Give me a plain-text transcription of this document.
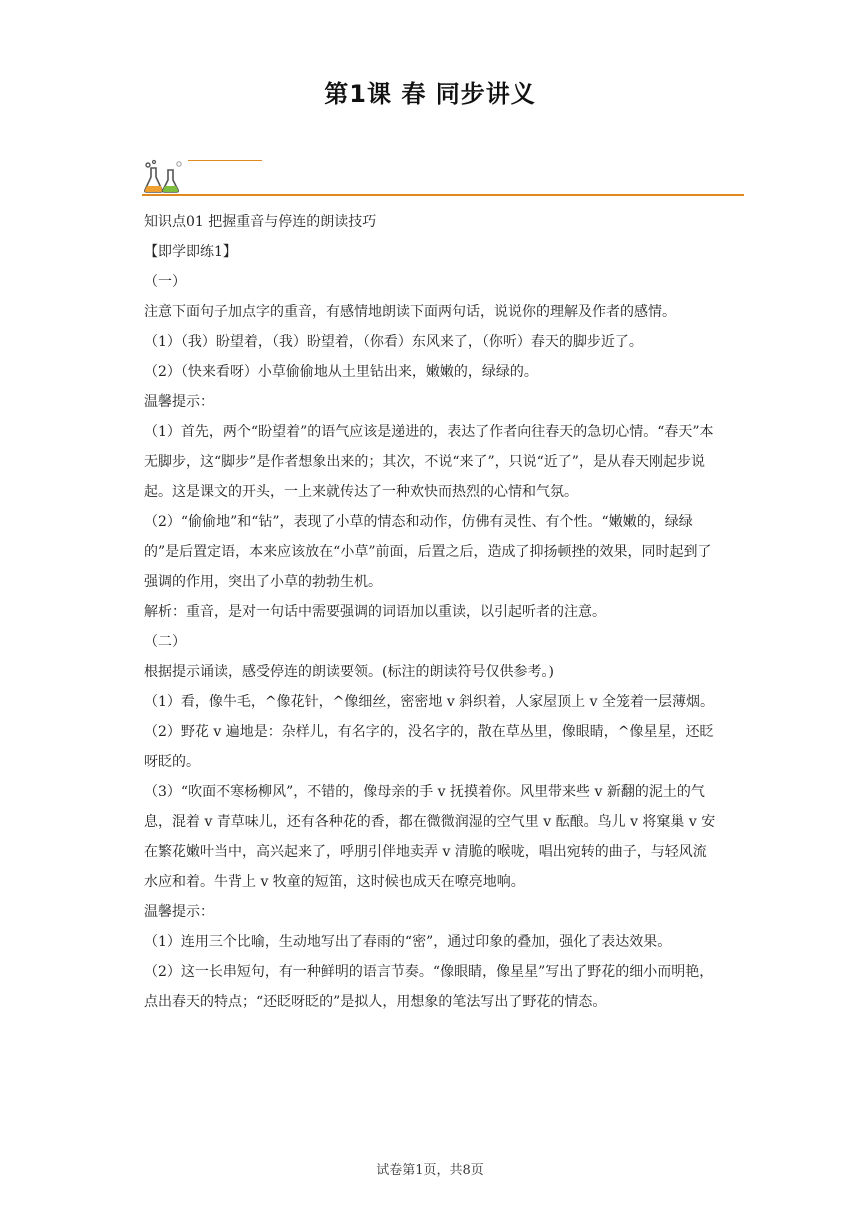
第1课 春 同步讲义

知识点01 把握重音与停连的朗读技巧

【即学即练1】

（一）

注意下面句子加点字的重音，有感情地朗读下面两句话，说说你的理解及作者的感情。

（1）（我）盼望着，（我）盼望着，（你看）东风来了，（你听）春天的脚步近了。

（2）（快来看呀）小草偷偷地从土里钻出来，嫩嫩的，绿绿的。

温馨提示：

（1）首先，两个“盼望着”的语气应该是递进的，表达了作者向往春天的急切心情。“春天”本无脚步，这“脚步”是作者想象出来的；其次，不说“来了”，只说“近了”，是从春天刚起步说起。这是课文的开头，一上来就传达了一种欢快而热烈的心情和气氛。

（2）“偷偷地”和“钻”，表现了小草的情态和动作，仿佛有灵性、有个性。“嫩嫩的，绿绿的”是后置定语，本来应该放在“小草”前面，后置之后，造成了抑扬顿挫的效果，同时起到了强调的作用，突出了小草的勃勃生机。

解析：重音，是对一句话中需要强调的词语加以重读，以引起听者的注意。

（二）

根据提示诵读，感受停连的朗读要领。(标注的朗读符号仅供参考。)

（1）看，像牛毛，^像花针，^像细丝，密密地 v 斜织着，人家屋顶上 v 全笼着一层薄烟。

（2）野花 v 遍地是：杂样儿，有名字的，没名字的，散在草丛里，像眼睛，^像星星，还眨呀眨的。

（3）“吹面不寒杨柳风”，不错的，像母亲的手 v 抚摸着你。风里带来些 v 新翻的泥土的气息，混着 v 青草味儿，还有各种花的香，都在微微润湿的空气里 v 酝酿。鸟儿 v 将窠巢 v 安在繁花嫩叶当中，高兴起来了，呼朋引伴地卖弄 v 清脆的喉咙，唱出宛转的曲子，与轻风流水应和着。牛背上 v 牧童的短笛，这时候也成天在嘹亮地响。

温馨提示：

（1）连用三个比喻，生动地写出了春雨的“密”，通过印象的叠加，强化了表达效果。

（2）这一长串短句，有一种鲜明的语言节奏。“像眼睛，像星星”写出了野花的细小而明艳，点出春天的特点；“还眨呀眨的”是拟人，用想象的笔法写出了野花的情态。

试卷第1页，共8页
